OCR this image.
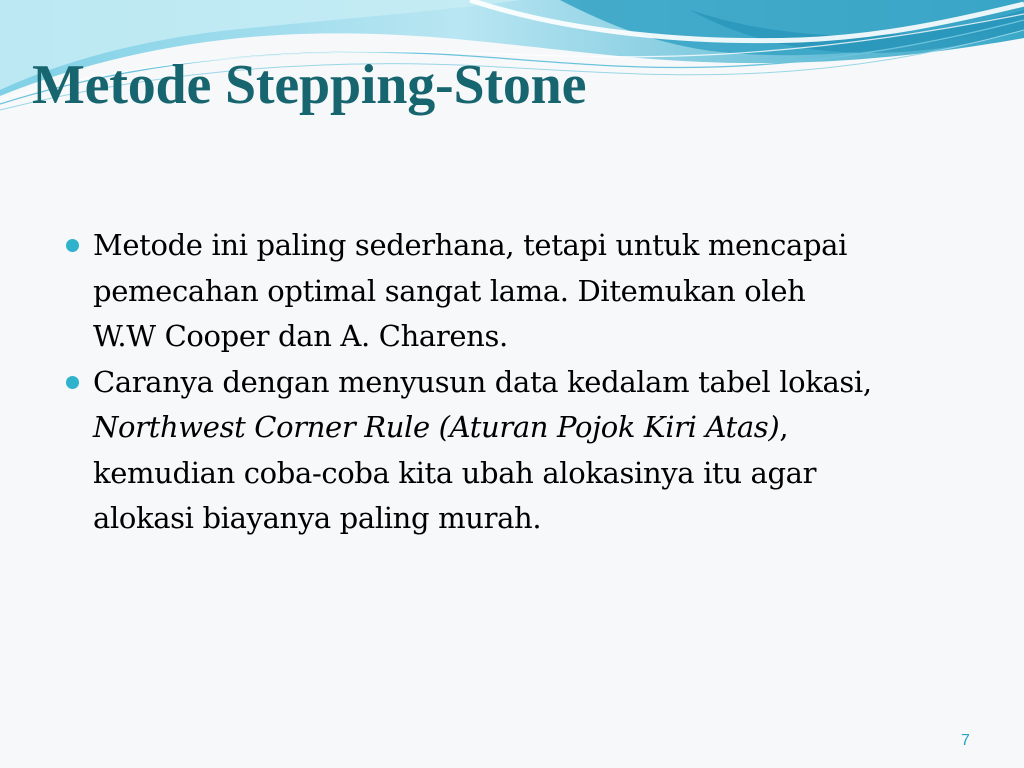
Metode Stepping-Stone
Metode ini paling sederhana, tetapi untuk mencapai
pemecahan optimal sangat lama. Ditemukan oleh
W.W Cooper dan A. Charens.
Caranya dengan menyusun data kedalam tabel lokasi,
Northwest Corner Rule (Aturan Pojok Kiri Atas),
kemudian coba-coba kita ubah alokasinya itu agar
alokasi biayanya paling murah.
7
